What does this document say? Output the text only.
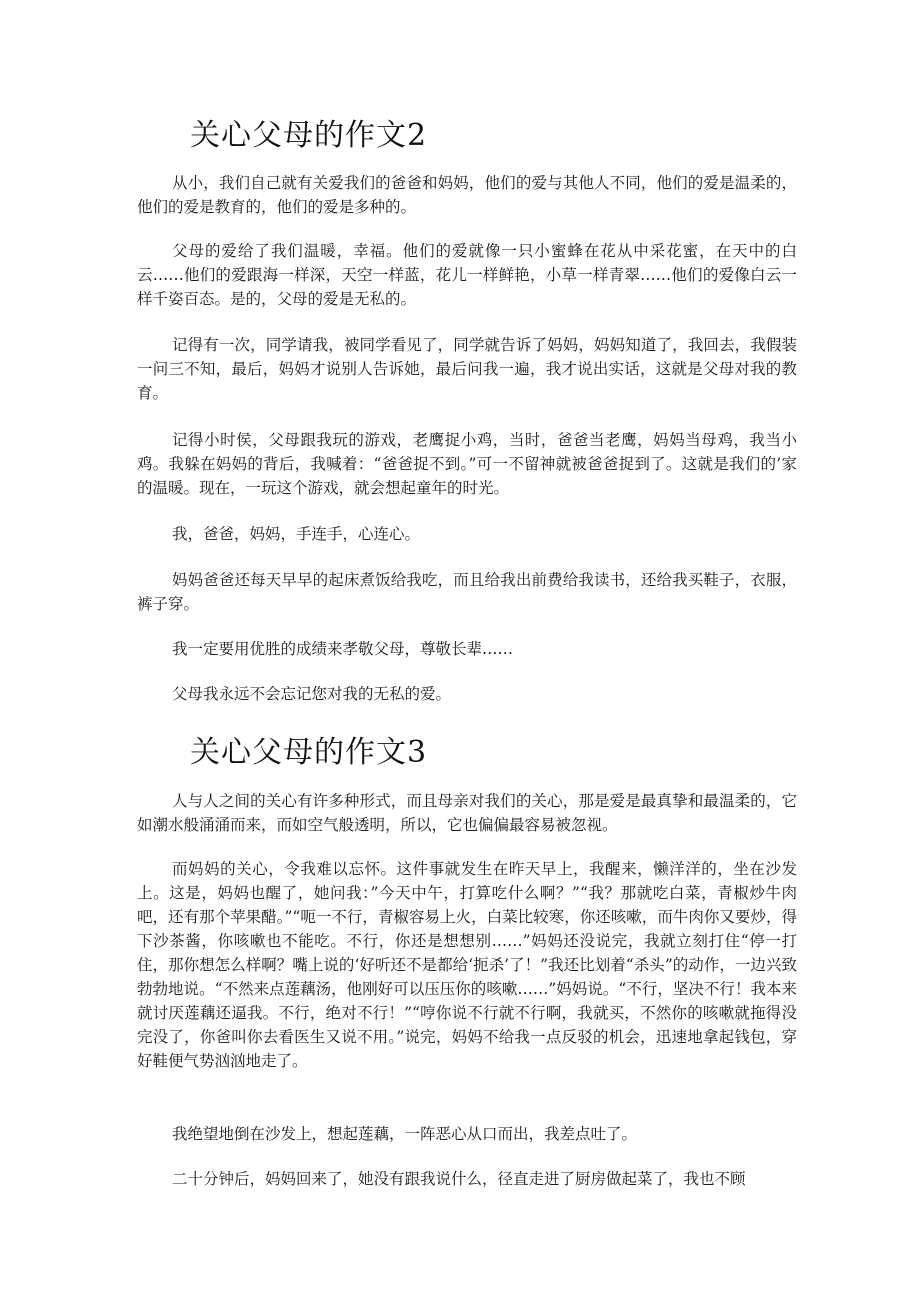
关心父母的作文2

从小，我们自己就有关爱我们的爸爸和妈妈，他们的爱与其他人不同，他们的爱是温柔的，他们的爱是教育的，他们的爱是多种的。

父母的爱给了我们温暖，幸福。他们的爱就像一只小蜜蜂在花从中采花蜜，在天中的白云……他们的爱跟海一样深，天空一样蓝，花儿一样鲜艳，小草一样青翠……他们的爱像白云一样千姿百态。是的，父母的爱是无私的。

记得有一次，同学请我，被同学看见了，同学就告诉了妈妈，妈妈知道了，我回去，我假装一问三不知，最后，妈妈才说别人告诉她，最后问我一遍，我才说出实话，这就是父母对我的教育。

记得小时侯，父母跟我玩的游戏，老鹰捉小鸡，当时，爸爸当老鹰，妈妈当母鸡，我当小鸡。我躲在妈妈的背后，我喊着：“爸爸捉不到。”可一不留神就被爸爸捉到了。这就是我们的’家的温暖。现在，一玩这个游戏，就会想起童年的时光。

我，爸爸，妈妈，手连手，心连心。

妈妈爸爸还每天早早的起床煮饭给我吃，而且给我出前费给我读书，还给我买鞋子，衣服，裤子穿。

我一定要用优胜的成绩来孝敬父母，尊敬长辈……

父母我永远不会忘记您对我的无私的爱。

关心父母的作文3

人与人之间的关心有许多种形式，而且母亲对我们的关心，那是爱是最真挚和最温柔的，它如潮水般涌涌而来，而如空气般透明，所以，它也偏偏最容易被忽视。

而妈妈的关心，令我难以忘怀。这件事就发生在昨天早上，我醒来，懒洋洋的，坐在沙发上。这是，妈妈也醒了，她问我：”今天中午，打算吃什么啊？”“我？那就吃白菜，青椒炒牛肉吧，还有那个苹果醋。”“呃一不行，青椒容易上火，白菜比较寒，你还咳嗽，而牛肉你又要炒，得下沙茶酱，你咳嗽也不能吃。不行，你还是想想别……”妈妈还没说完，我就立刻打住“停一打住，那你想怎么样啊？嘴上说的‘好听还不是都给‘扼杀’了！”我还比划着“杀头”的动作，一边兴致勃勃地说。“不然来点莲藕汤，他刚好可以压压你的咳嗽……”妈妈说。“不行，坚决不行！我本来就讨厌莲藕还逼我。不行，绝对不行！”“哼你说不行就不行啊，我就买，不然你的咳嗽就拖得没完没了，你爸叫你去看医生又说不用。”说完，妈妈不给我一点反驳的机会，迅速地拿起钱包，穿好鞋便气势汹汹地走了。

我绝望地倒在沙发上，想起莲藕，一阵恶心从口而出，我差点吐了。

二十分钟后，妈妈回来了，她没有跟我说什么，径直走进了厨房做起菜了，我也不顾
